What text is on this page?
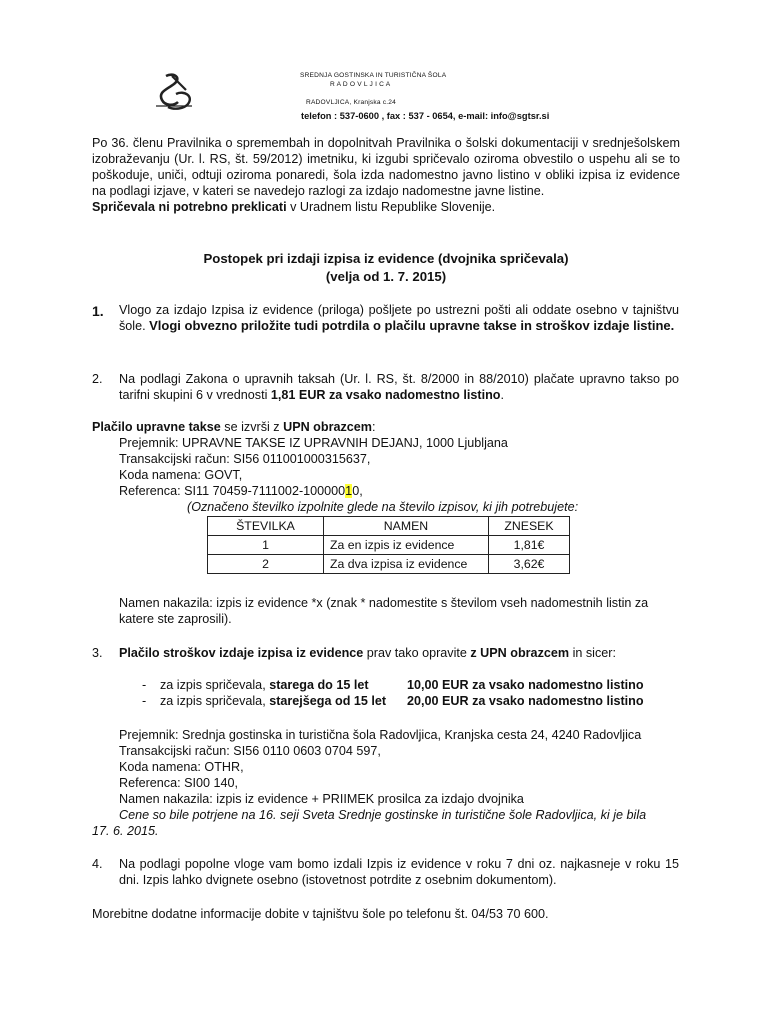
SREDNJA GOSTINSKA IN TURISTIČNA ŠOLA
R A D O V L J I C A
RADOVLJICA, Kranjska c.24
telefon : 537-0600 , fax : 537 - 0654, e-mail: info@sgtsr.si
Po 36. členu Pravilnika o spremembah in dopolnitvah Pravilnika o šolski dokumentaciji v srednješolskem izobraževanju (Ur. l. RS, št. 59/2012) imetniku, ki izgubi spričevalo oziroma obvestilo o uspehu ali se to poškoduje, uniči, odtuji oziroma ponaredi, šola izda nadomestno javno listino v obliki izpisa iz evidence na podlagi izjave, v kateri se navedejo razlogi za izdajo nadomestne javne listine.
Spričevala ni potrebno preklicati v Uradnem listu Republike Slovenije.
Postopek pri izdaji izpisa iz evidence (dvojnika spričevala)
(velja od 1. 7. 2015)
1. Vlogo za izdajo Izpisa iz evidence (priloga) pošljete po ustrezni pošti ali oddate osebno v tajništvu šole. Vlogi obvezno priložite tudi potrdila o plačilu upravne takse in stroškov izdaje listine.
2. Na podlagi Zakona o upravnih taksah (Ur. l. RS, št. 8/2000 in 88/2010) plačate upravno takso po tarifni skupini 6 v vrednosti 1,81 EUR za vsako nadomestno listino.
Plačilo upravne takse se izvrši z UPN obrazcem:
Prejemnik: UPRAVNE TAKSE IZ UPRAVNIH DEJANJ, 1000 Ljubljana
Transakcijski račun: SI56 011001000315637,
Koda namena: GOVT,
Referenca: SI11 70459-7111002-10000010,
(Označeno številko izpolnite glede na število izpisov, ki jih potrebujete:
ŠTEVILKA	NAMEN	ZNESEK
1	Za en izpis iz evidence	1,81€
2	Za dva izpisa iz evidence	3,62€
Namen nakazila: izpis iz evidence *x (znak * nadomestite s številom vseh nadomestnih listin za katere ste zaprosili).
3. Plačilo stroškov izdaje izpisa iz evidence prav tako opravite z UPN obrazcem in sicer:
- za izpis spričevala, starega do 15 let	10,00 EUR za vsako nadomestno listino
- za izpis spričevala, starejšega od 15 let 20,00 EUR za vsako nadomestno listino
Prejemnik: Srednja gostinska in turistična šola Radovljica, Kranjska cesta 24, 4240 Radovljica
Transakcijski račun: SI56 0110 0603 0704 597,
Koda namena: OTHR,
Referenca: SI00 140,
Namen nakazila: izpis iz evidence + PRIIMEK prosilca za izdajo dvojnika
Cene so bile potrjene na 16. seji Sveta Srednje gostinske in turistične šole Radovljica, ki je bila
17. 6. 2015.
4. Na podlagi popolne vloge vam bomo izdali Izpis iz evidence v roku 7 dni oz. najkasneje v roku 15 dni. Izpis lahko dvignete osebno (istovetnost potrdite z osebnim dokumentom).
Morebitne dodatne informacije dobite v tajništvu šole po telefonu št. 04/53 70 600.
